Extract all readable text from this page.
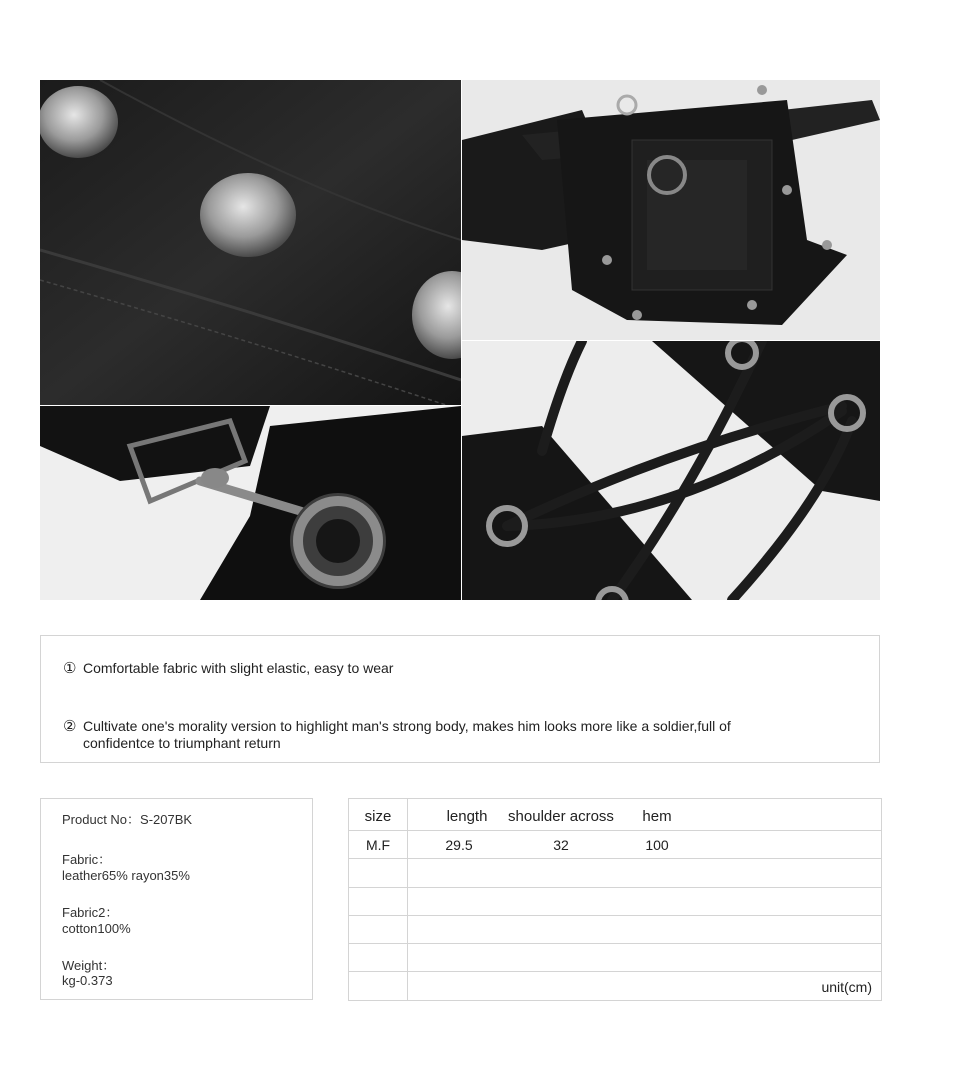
① Comfortable fabric with slight elastic, easy to wear
② Cultivate one's morality version to highlight man's strong body, makes him looks more like a soldier,full of confidentce to triumphant return
Product No：S-207BK
Fabric：
leather65% rayon35%
Fabric2：
cotton100%
Weight：
kg-0.373
size	length	shoulder across	hem
M.F	29.5	32	100
unit(cm)
